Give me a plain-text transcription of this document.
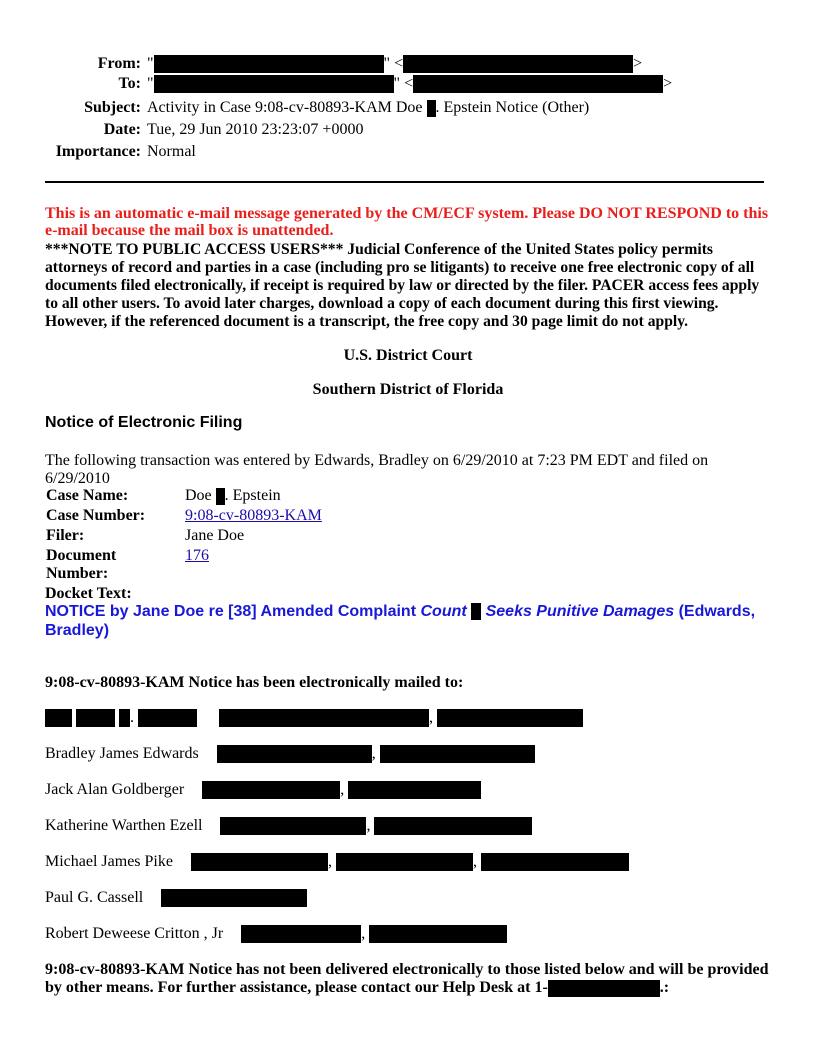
From: "	" <	>
To: "	" <	>
Subject: Activity in Case 9:08-cv-80893-KAM Doe . Epstein Notice (Other)
Date: Tue, 29 Jun 2010 23:23:07 +0000
Importance: Normal
This is an automatic e-mail message generated by the CM/ECF system. Please DO NOT RESPOND to this e-mail because the mail box is unattended.
***NOTE TO PUBLIC ACCESS USERS*** Judicial Conference of the United States policy permits attorneys of record and parties in a case (including pro se litigants) to receive one free electronic copy of all documents filed electronically, if receipt is required by law or directed by the filer. PACER access fees apply to all other users. To avoid later charges, download a copy of each document during this first viewing. However, if the referenced document is a transcript, the free copy and 30 page limit do not apply.
U.S. District Court
Southern District of Florida
Notice of Electronic Filing
The following transaction was entered by Edwards, Bradley on 6/29/2010 at 7:23 PM EDT and filed on 6/29/2010
Case Name:	Doe . Epstein
Case Number:	9:08-cv-80893-KAM
Filer:	Jane Doe
Document Number:	176
Docket Text:
NOTICE by Jane Doe re [38] Amended Complaint Count Seeks Punitive Damages (Edwards, Bradley)
9:08-cv-80893-KAM Notice has been electronically mailed to:
.	,
Bradley James Edwards	,
Jack Alan Goldberger	,
Katherine Warthen Ezell	,
Michael James Pike	,	,
Paul G. Cassell
Robert Deweese Critton , Jr	,
9:08-cv-80893-KAM Notice has not been delivered electronically to those listed below and will be provided by other means. For further assistance, please contact our Help Desk at 1-	.:
